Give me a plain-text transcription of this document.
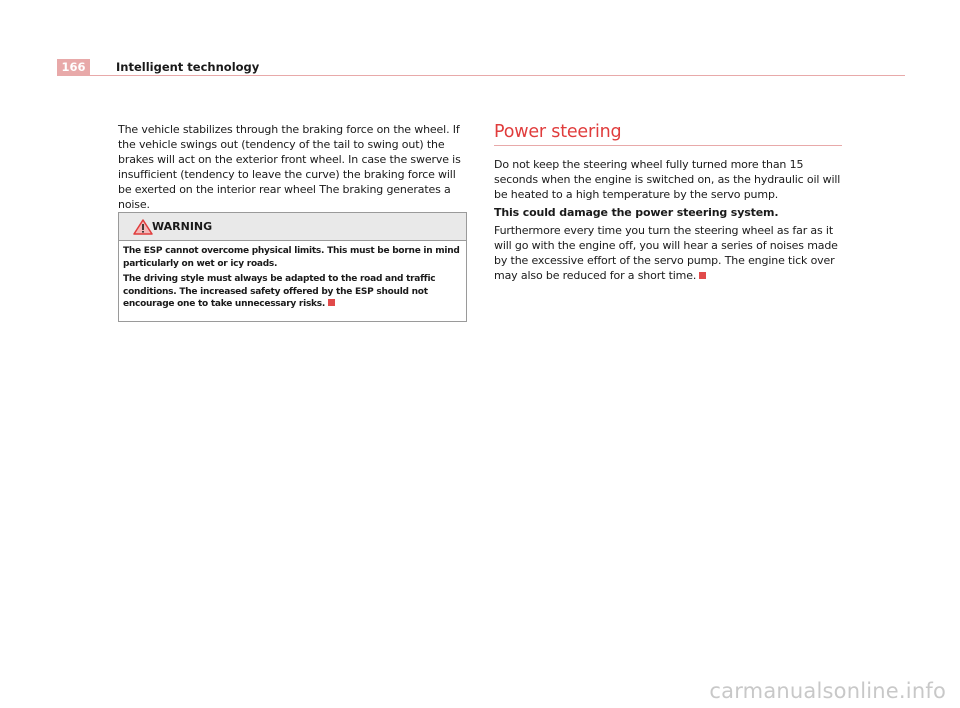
166	Intelligent technology

The vehicle stabilizes through the braking force on the wheel. If the vehicle swings out (tendency of the tail to swing out) the brakes will act on the exterior front wheel. In case the swerve is insufficient (tendency to leave the curve) the braking force will be exerted on the interior rear wheel The braking generates a noise.

WARNING

The ESP cannot overcome physical limits. This must be borne in mind particularly on wet or icy roads.

The driving style must always be adapted to the road and traffic conditions. The increased safety offered by the ESP should not encourage one to take unnecessary risks.

Power steering

Do not keep the steering wheel fully turned more than 15 seconds when the engine is switched on, as the hydraulic oil will be heated to a high temperature by the servo pump.

This could damage the power steering system.

Furthermore every time you turn the steering wheel as far as it will go with the engine off, you will hear a series of noises made by the excessive effort of the servo pump. The engine tick over may also be reduced for a short time.

carmanualsonline.info
